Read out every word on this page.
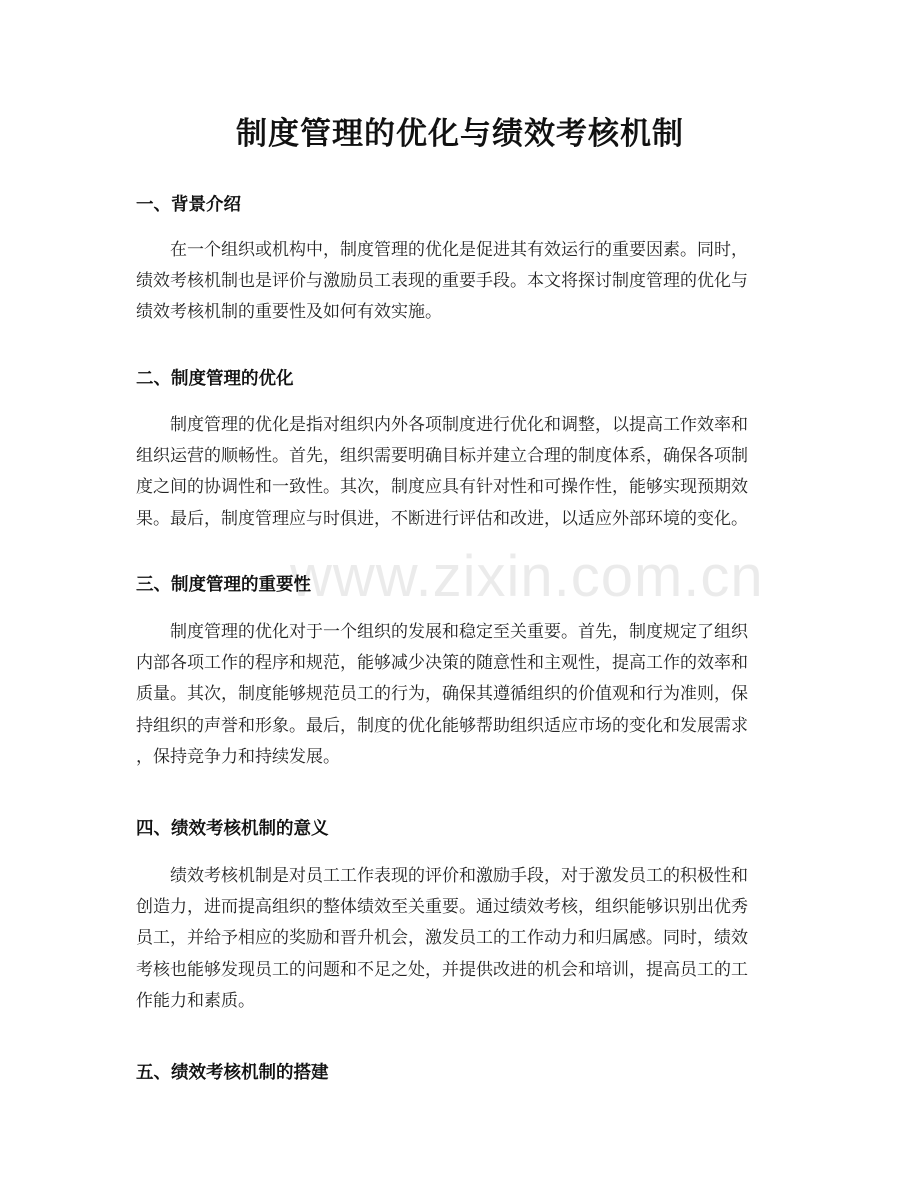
制度管理的优化与绩效考核机制
www.zixin.com.cn
一、背景介绍
在一个组织或机构中，制度管理的优化是促进其有效运行的重要因素。同时，
绩效考核机制也是评价与激励员工表现的重要手段。本文将探讨制度管理的优化与
绩效考核机制的重要性及如何有效实施。
二、制度管理的优化
制度管理的优化是指对组织内外各项制度进行优化和调整，以提高工作效率和
组织运营的顺畅性。首先，组织需要明确目标并建立合理的制度体系，确保各项制
度之间的协调性和一致性。其次，制度应具有针对性和可操作性，能够实现预期效
果。最后，制度管理应与时俱进，不断进行评估和改进，以适应外部环境的变化。
三、制度管理的重要性
制度管理的优化对于一个组织的发展和稳定至关重要。首先，制度规定了组织
内部各项工作的程序和规范，能够减少决策的随意性和主观性，提高工作的效率和
质量。其次，制度能够规范员工的行为，确保其遵循组织的价值观和行为准则，保
持组织的声誉和形象。最后，制度的优化能够帮助组织适应市场的变化和发展需求
，保持竞争力和持续发展。
四、绩效考核机制的意义
绩效考核机制是对员工工作表现的评价和激励手段，对于激发员工的积极性和
创造力，进而提高组织的整体绩效至关重要。通过绩效考核，组织能够识别出优秀
员工，并给予相应的奖励和晋升机会，激发员工的工作动力和归属感。同时，绩效
考核也能够发现员工的问题和不足之处，并提供改进的机会和培训，提高员工的工
作能力和素质。
五、绩效考核机制的搭建
